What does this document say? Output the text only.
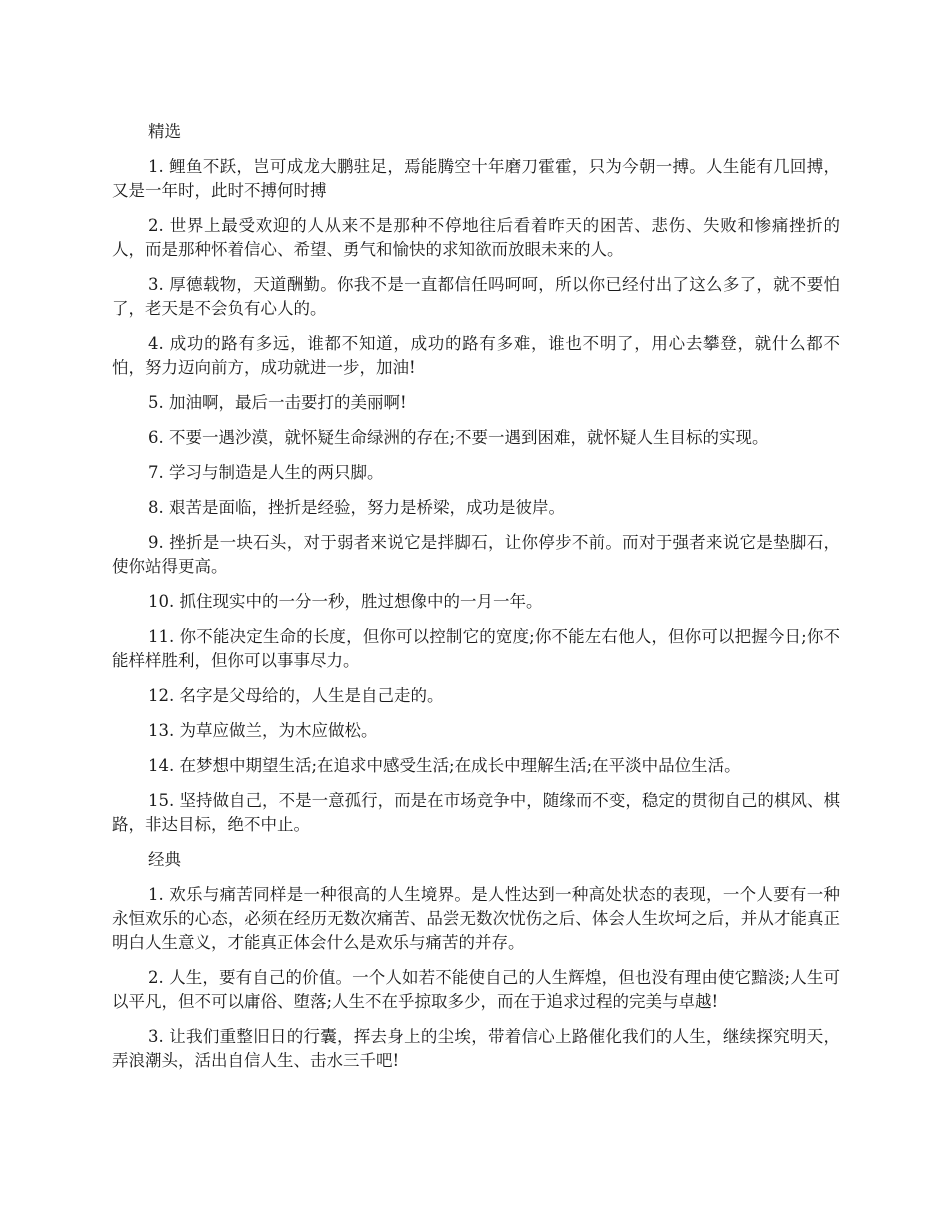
精选

1. 鲤鱼不跃，岂可成龙大鹏驻足，焉能腾空十年磨刀霍霍，只为今朝一搏。人生能有几回搏，又是一年时，此时不搏何时搏

2. 世界上最受欢迎的人从来不是那种不停地往后看着昨天的困苦、悲伤、失败和惨痛挫折的人，而是那种怀着信心、希望、勇气和愉快的求知欲而放眼未来的人。

3. 厚德载物，天道酬勤。你我不是一直都信任吗呵呵，所以你已经付出了这么多了，就不要怕了，老天是不会负有心人的。

4. 成功的路有多远，谁都不知道，成功的路有多难，谁也不明了，用心去攀登，就什么都不怕，努力迈向前方，成功就进一步，加油!

5. 加油啊，最后一击要打的美丽啊!

6. 不要一遇沙漠，就怀疑生命绿洲的存在;不要一遇到困难，就怀疑人生目标的实现。

7. 学习与制造是人生的两只脚。

8. 艰苦是面临，挫折是经验，努力是桥梁，成功是彼岸。

9. 挫折是一块石头，对于弱者来说它是拌脚石，让你停步不前。而对于强者来说它是垫脚石，使你站得更高。

10. 抓住现实中的一分一秒，胜过想像中的一月一年。

11. 你不能决定生命的长度，但你可以控制它的宽度;你不能左右他人，但你可以把握今日;你不能样样胜利，但你可以事事尽力。

12. 名字是父母给的，人生是自己走的。

13. 为草应做兰，为木应做松。

14. 在梦想中期望生活;在追求中感受生活;在成长中理解生活;在平淡中品位生活。

15. 坚持做自己，不是一意孤行，而是在市场竞争中，随缘而不变，稳定的贯彻自己的棋风、棋路，非达目标，绝不中止。

经典

1. 欢乐与痛苦同样是一种很高的人生境界。是人性达到一种高处状态的表现，一个人要有一种永恒欢乐的心态，必须在经历无数次痛苦、品尝无数次忧伤之后、体会人生坎坷之后，并从才能真正明白人生意义，才能真正体会什么是欢乐与痛苦的并存。

2. 人生，要有自己的价值。一个人如若不能使自己的人生辉煌，但也没有理由使它黯淡;人生可以平凡，但不可以庸俗、堕落;人生不在乎掠取多少，而在于追求过程的完美与卓越!

3. 让我们重整旧日的行囊，挥去身上的尘埃，带着信心上路催化我们的人生，继续探究明天，弄浪潮头，活出自信人生、击水三千吧!
